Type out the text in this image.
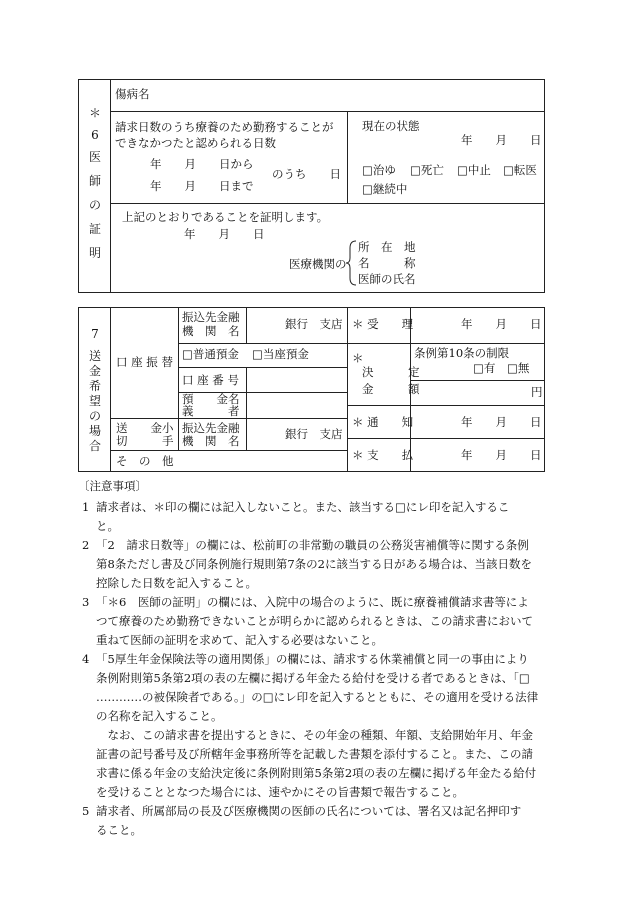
＊
6
医
師
の
証
明
傷病名
請求日数のうち療養のため勤務することが
できなかつたと認められる日数
年　　月　　日から
のうち　　日
年　　月　　日まで
現在の状態
年　　月　　日
□治ゆ □死亡 □中止 □転医
□継続中
上記のとおりであることを証明します。
年　　月　　日
医療機関の
所　在　地
名　　　称
医師の氏名
7
送
金
希
望
の
場
合
口 座 振 替
振込先金融
機　関　名	銀行　支店
□普通預金 □当座預金
口 座 番 号
預　　金名
義　　　者
送　　金小
切　　　手
振込先金融
機　関　名	銀行　支店
そ　の　他
＊ 受　　理	年　　月　　日
＊
決　　　定
金　　　額
条例第10条の制限
□有 □無
円
＊ 通　　知	年　　月　　日
＊ 支　　払	年　　月　　日
〔注意事項〕
1 請求者は、＊印の欄には記入しないこと。また、該当する□にレ印を記入するこ
と。
2 「2　請求日数等」の欄には、松前町の非常勤の職員の公務災害補償等に関する条例
第8条ただし書及び同条例施行規則第7条の2に該当する日がある場合は、当該日数を
控除した日数を記入すること。
3 「＊6　医師の証明」の欄には、入院中の場合のように、既に療養補償請求書等によ
つて療養のため勤務できないことが明らかに認められるときは、この請求書において
重ねて医師の証明を求めて、記入する必要はないこと。
4 「5厚生年金保険法等の適用関係」の欄には、請求する休業補償と同一の事由により
条例附則第5条第2項の表の左欄に掲げる年金たる給付を受ける者であるときは、「□
…………の被保険者である。」の□にレ印を記入するとともに、その適用を受ける法律
の名称を記入すること。
　なお、この請求書を提出するときに、その年金の種類、年額、支給開始年月、年金
証書の記号番号及び所轄年金事務所等を記載した書類を添付すること。また、この請
求書に係る年金の支給決定後に条例附則第5条第2項の表の左欄に掲げる年金たる給付
を受けることとなつた場合には、速やかにその旨書類で報告すること。
5 請求者、所属部局の長及び医療機関の医師の氏名については、署名又は記名押印す
ること。
